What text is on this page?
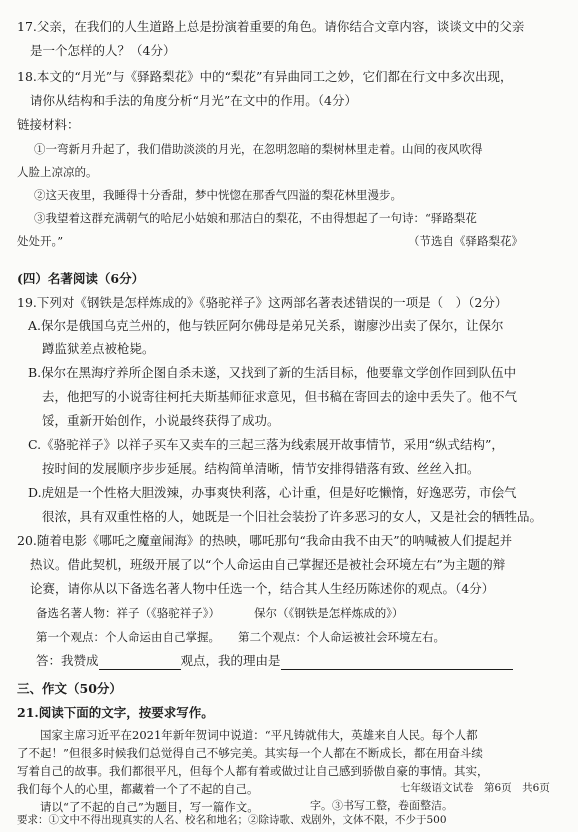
17.父亲，在我们的人生道路上总是扮演着重要的角色。请你结合文章内容，谈谈文中的父亲
是一个怎样的人？（4分）
18.本文的“月光”与《驿路梨花》中的“梨花”有异曲同工之妙，它们都在行文中多次出现，
请你从结构和手法的角度分析“月光”在文中的作用。（4分）
链接材料：
①一弯新月升起了，我们借助淡淡的月光，在忽明忽暗的梨树林里走着。山间的夜风吹得
人脸上凉凉的。
②这天夜里，我睡得十分香甜，梦中恍惚在那香气四溢的梨花林里漫步。
③我望着这群充满朝气的哈尼小姑娘和那洁白的梨花，不由得想起了一句诗：“驿路梨花
处处开。”	（节选自《驿路梨花》
(四）名著阅读（6分）
19.下列对《钢铁是怎样炼成的》《骆驼祥子》这两部名著表述错误的一项是（　）（2分）
A.保尔是俄国乌克兰州的，他与铁匠阿尔佛母是弟兄关系，谢廖沙出卖了保尔，让保尔
蹲监狱差点被枪毙。
B.保尔在黑海疗养所企图自杀未遂，又找到了新的生活目标，他要靠文学创作回到队伍中
去，他把写的小说寄往柯托夫斯基师征求意见，但书稿在寄回去的途中丢失了。他不气
馁，重新开始创作，小说最终获得了成功。
C.《骆驼祥子》以祥子买车又卖车的三起三落为线索展开故事情节，采用“纵式结构”，
按时间的发展顺序步步延展。结构简单清晰，情节安排得错落有致、丝丝入扣。
D.虎妞是一个性格大胆泼辣，办事爽快利落，心计重，但是好吃懒惰，好逸恶劳，市侩气
很浓，具有双重性格的人，她既是一个旧社会装扮了许多恶习的女人，又是社会的牺牲品。
20.随着电影《哪吒之魔童闹海》的热映，哪吒那句“我命由我不由天”的呐喊被人们提起并
热议。借此契机，班级开展了以“个人命运由自己掌握还是被社会环境左右”为主题的辩
论赛，请你从以下备选名著人物中任选一个，结合其人生经历陈述你的观点。（4分）
备选名著人物：祥子（《骆驼祥子》）	保尔（《钢铁是怎样炼成的》）
第一个观点：个人命运由自己掌握。 第二个观点：个人命运被社会环境左右。
答：我赞成	观点，我的理由是
三、作文（50分）
21.阅读下面的文字，按要求写作。
国家主席习近平在2021年新年贺词中说道：“平凡铸就伟大，英雄来自人民。每个人都
了不起！”但很多时候我们总觉得自己不够完美。其实每一个人都在不断成长，都在用奋斗续
写着自己的故事。我们都很平凡，但每个人都有着或做过让自己感到骄傲自豪的事情。其实，
我们每个人的心里，都藏着一个了不起的自己。
请以“了不起的自己”为题目，写一篇作文。
要求：①文中不得出现真实的人名、校名和地名；②除诗歌、戏剧外，文体不限，不少于500
字。③书写工整，卷面整洁。
七年级语文试卷　第6页　共6页
